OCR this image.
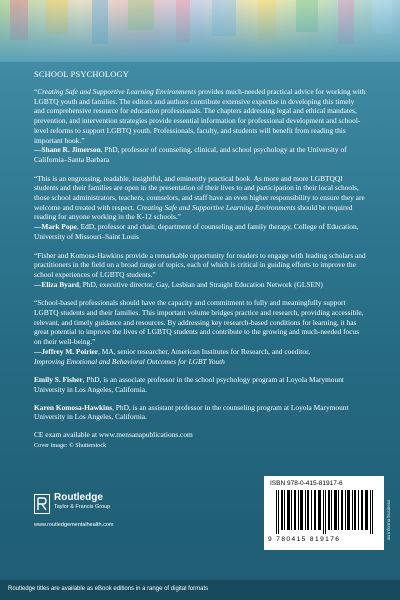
SCHOOL PSYCHOLOGY

“Creating Safe and Supportive Learning Environments provides much-needed practical advice for working with LGBTQ youth and families. The editors and authors contribute extensive expertise in developing this timely and comprehensive resource for education professionals. The chapters addressing legal and ethical mandates, prevention, and intervention strategies provide essential information for professional development and school-level reforms to support LGBTQ youth. Professionals, faculty, and students will benefit from reading this important book.”

—Shane R. Jimerson, PhD, professor of counseling, clinical, and school psychology at the University of California–Santa Barbara

“This is an engrossing, readable, insightful, and eminently practical book. As more and more LGBTQQI students and their families are open in the presentation of their lives to and participation in their local schools, those school administrators, teachers, counselors, and staff have an even higher responsibility to ensure they are welcome and treated with respect. Creating Safe and Supportive Learning Environments should be required reading for anyone working in the K-12 schools.”

—Mark Pope, EdD, professor and chair, department of counseling and family therapy, College of Education, University of Missouri–Saint Louis

“Fisher and Komosa-Hawkins provide a remarkable opportunity for readers to engage with leading scholars and practitioners in the field on a broad range of topics, each of which is critical in guiding efforts to improve the school experiences of LGBTQ students.”

—Eliza Byard, PhD, executive director, Gay, Lesbian and Straight Education Network (GLSEN)

“School-based professionals should have the capacity and commitment to fully and meaningfully support LGBTQ students and their families. This important volume bridges practice and research, providing accessible, relevant, and timely guidance and resources. By addressing key research-based conditions for learning, it has great potential to improve the lives of LGBTQ students and contribute to the growing and much-needed focus on their well-being.”

—Jeffrey M. Poirier, MA, senior researcher, American Institutes for Research, and coeditor,
Improving Emotional and Behavioral Outcomes for LGBT Youth
Emily S. Fisher, PhD, is an associate professor in the school psychology program at Loyola Marymount University in Los Angeles, California.
Karen Komosa-Hawkins, PhD, is an assistant professor in the counseling program at Loyola Marymount University in Los Angeles, California.
CE exam available at www.mensanapublications.com
Cover image: © Shutterstock
Routledge
Taylor & Francis Group
www.routledgementalhealth.com
ISBN 978-0-415-81917-6
9 780415 819176	an informa business
Routledge titles are available as eBook editions in a range of digital formats
